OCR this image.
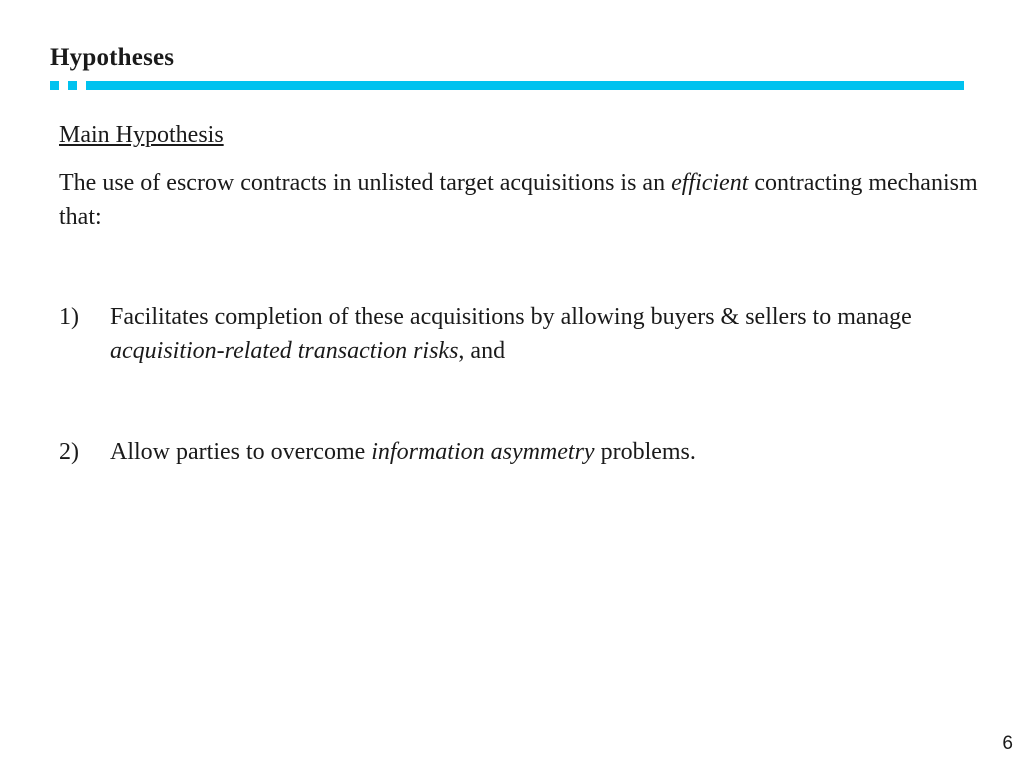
Hypotheses
Main Hypothesis

The use of escrow contracts in unlisted target acquisitions is an efficient contracting mechanism that:

1) Facilitates completion of these acquisitions by allowing buyers & sellers to manage acquisition-related transaction risks, and
2) Allow parties to overcome information asymmetry problems.
6
